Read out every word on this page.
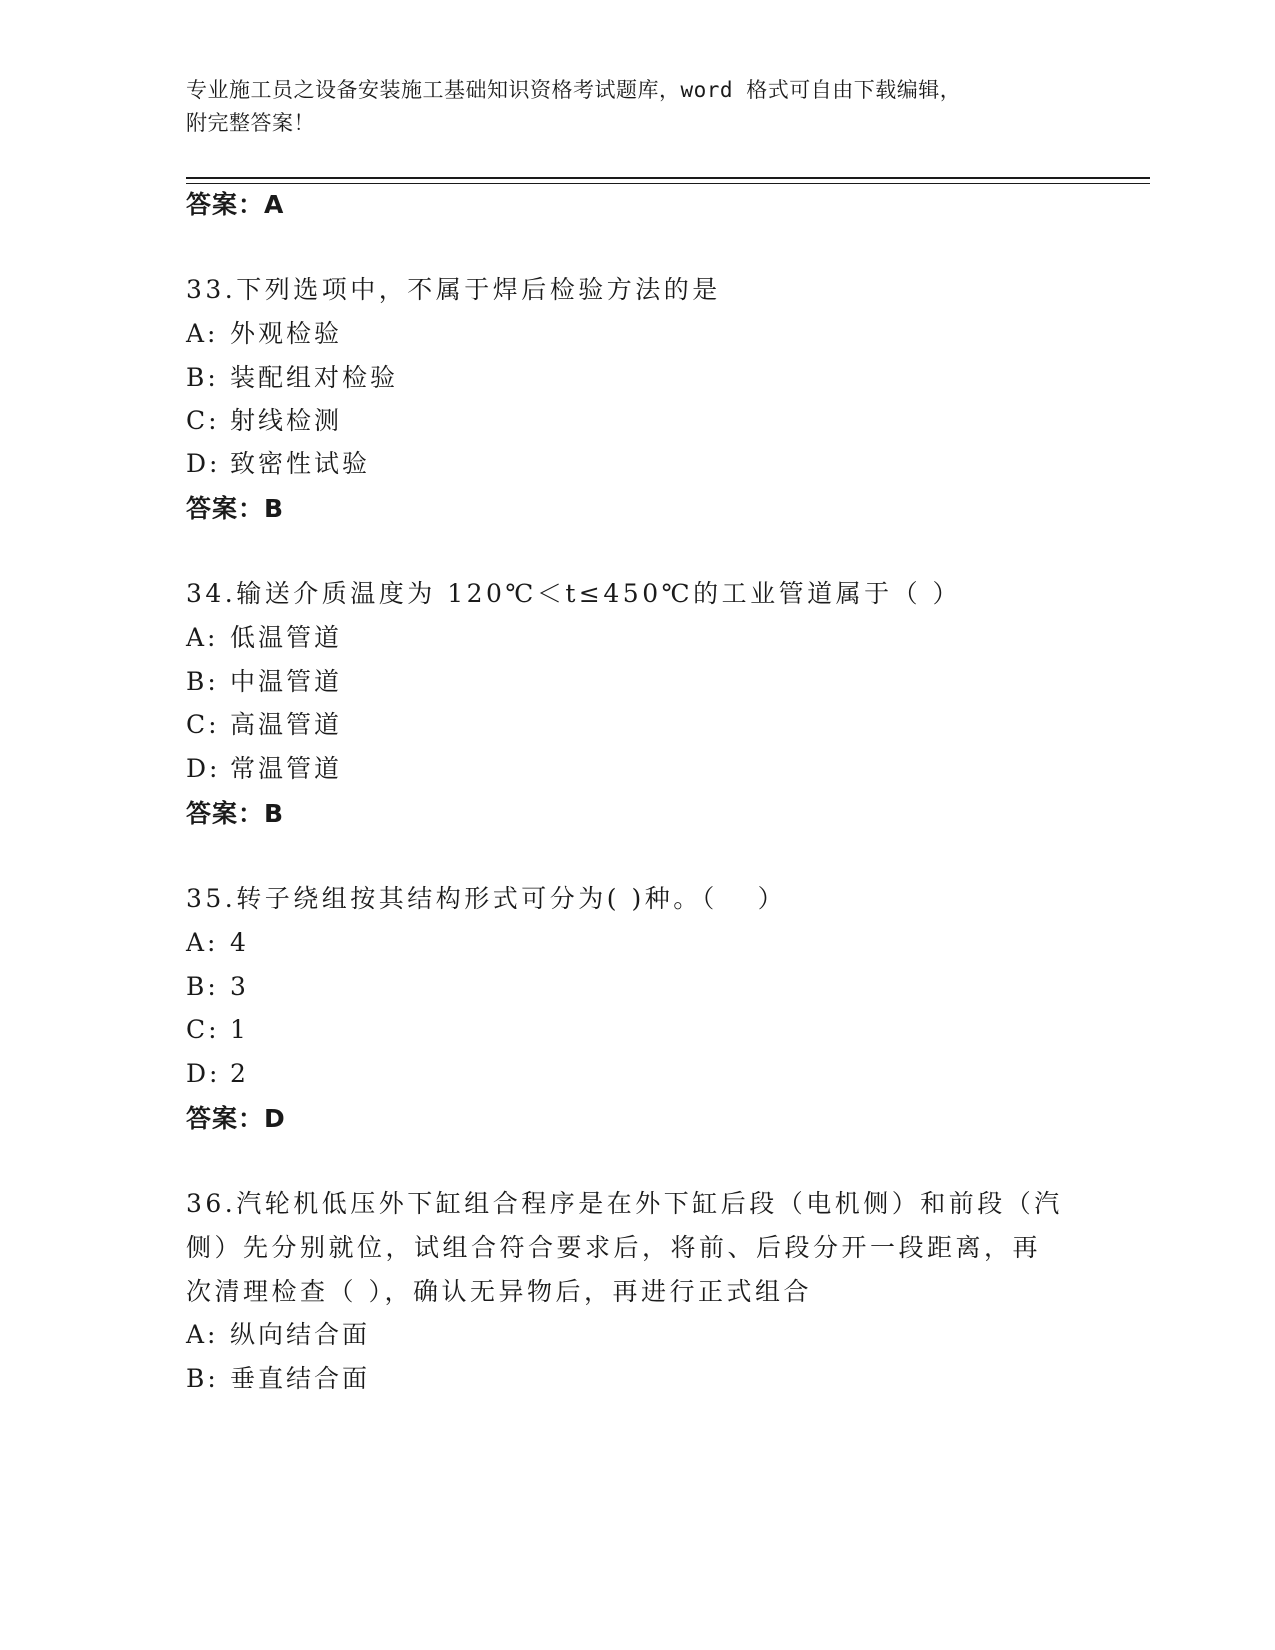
专业施工员之设备安装施工基础知识资格考试题库，word 格式可自由下载编辑，
附完整答案！
答案：A
33.下列选项中，不属于焊后检验方法的是
A: 外观检验
B: 装配组对检验
C: 射线检测
D: 致密性试验
答案：B
34.输送介质温度为 120℃＜t≤450℃的工业管道属于（ ）
A: 低温管道
B: 中温管道
C: 高温管道
D: 常温管道
答案：B
35.转子绕组按其结构形式可分为( )种。（　 ）
A: 4
B: 3
C: 1
D: 2
答案：D
36.汽轮机低压外下缸组合程序是在外下缸后段（电机侧）和前段（汽
侧）先分别就位，试组合符合要求后，将前、后段分开一段距离，再
次清理检查（ ），确认无异物后，再进行正式组合
A: 纵向结合面
B: 垂直结合面
